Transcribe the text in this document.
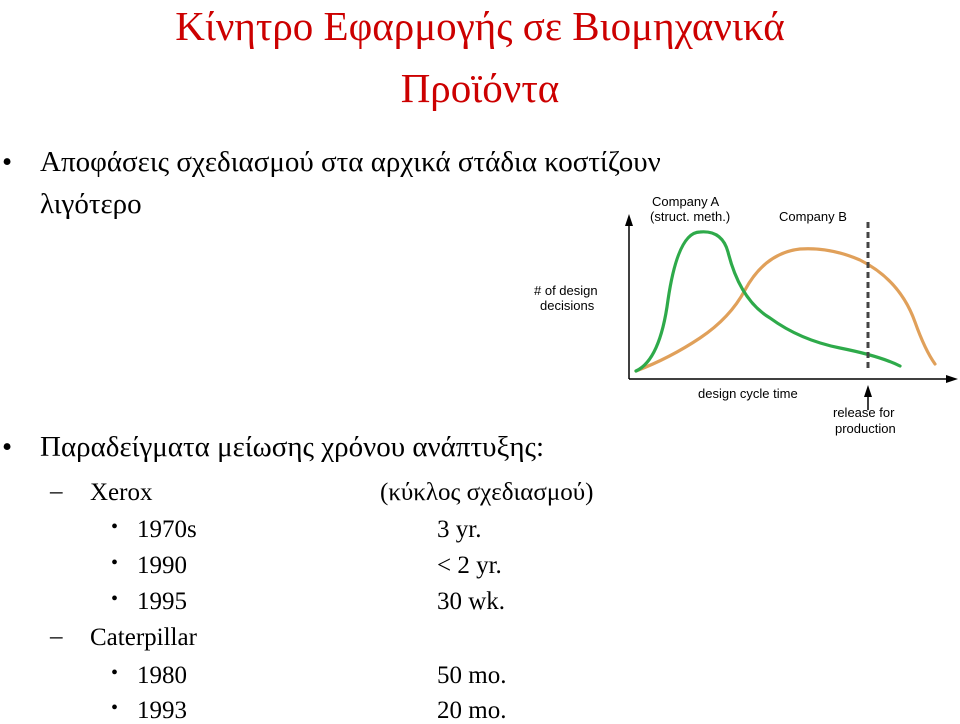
Κίνητρο Εφαρμογής σε Βιομηχανικά
Προϊόντα
• Αποφάσεις σχεδιασμού στα αρχικά στάδια κοστίζουν
λιγότερο	Company A
(struct. meth.)	Company B
# of design
decisions
design cycle time
release for
production
• Παραδείγματα μείωσης χρόνου ανάπτυξης:
– Xerox	(κύκλος σχεδιασμού)
• 1970s	3 yr.
• 1990	< 2 yr.
• 1995	30 wk.
– Caterpillar
• 1980	50 mo.
• 1993	20 mo.
